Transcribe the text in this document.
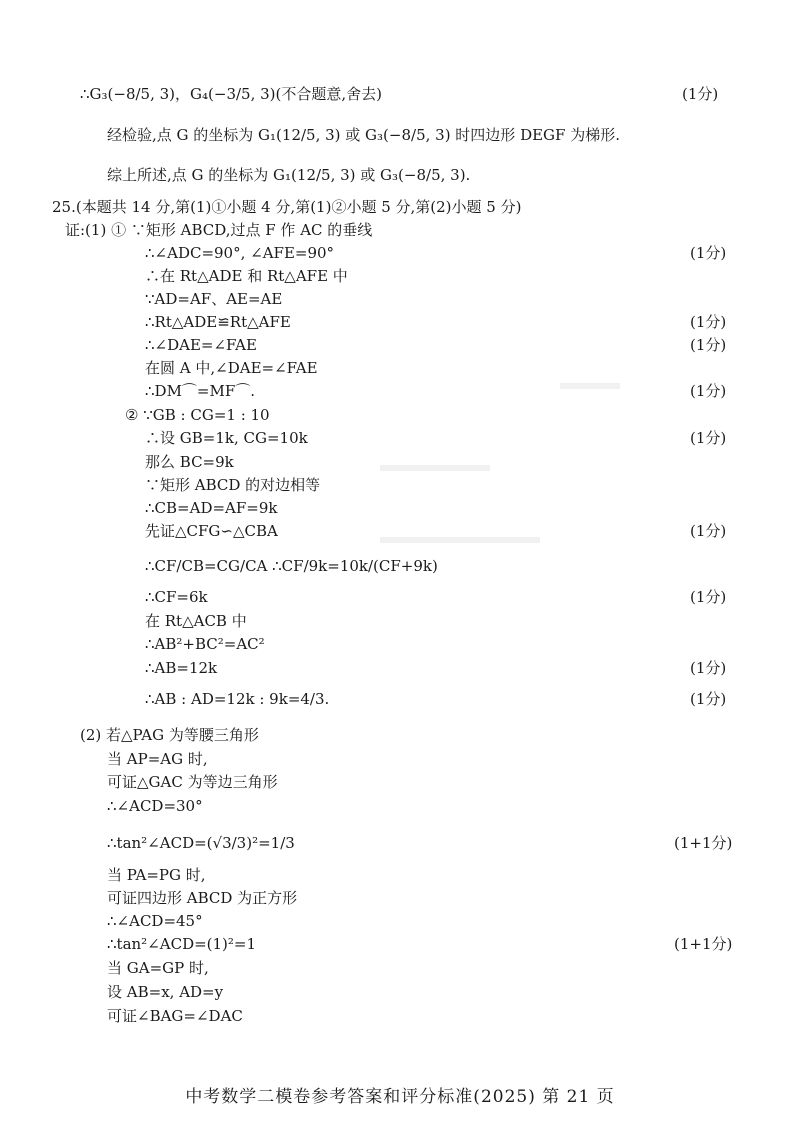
∴G₃(−8/5, 3)，G₄(−3/5, 3)(不合题意,舍去)
经检验,点 G 的坐标为 G₁(12/5, 3) 或 G₃(−8/5, 3) 时四边形 DEGF 为梯形.
综上所述,点 G 的坐标为 G₁(12/5, 3) 或 G₃(−8/5, 3).
25.(本题共 14 分,第(1)①小题 4 分,第(1)②小题 5 分,第(2)小题 5 分)
证:(1) ① ∵矩形 ABCD,过点 F 作 AC 的垂线
∴∠ADC=90°, ∠AFE=90°
∴在 Rt△ADE 和 Rt△AFE 中
∵AD=AF、AE=AE
∴Rt△ADE≌Rt△AFE
∴∠DAE=∠FAE
在圆 A 中,∠DAE=∠FAE
∴DM⌒=MF⌒.
② ∵GB : CG=1 : 10
∴设 GB=1k, CG=10k
那么 BC=9k
∵矩形 ABCD 的对边相等
∴CB=AD=AF=9k
先证△CFG∽△CBA
∴CF/CB=CG/CA ∴CF/9k=10k/(CF+9k)
∴CF=6k
在 Rt△ACB 中
∴AB²+BC²=AC²
∴AB=12k
∴AB : AD=12k : 9k=4/3.
(2) 若△PAG 为等腰三角形
当 AP=AG 时,
可证△GAC 为等边三角形
∴∠ACD=30°
∴tan²∠ACD=(√3/3)²=1/3
当 PA=PG 时,
可证四边形 ABCD 为正方形
∴∠ACD=45°
∴tan²∠ACD=(1)²=1
当 GA=GP 时,
设 AB=x, AD=y
可证∠BAG=∠DAC
(1分)
(1分)
(1分)
(1分)
(1分)
(1分)
(1分)
(1分)
(1分)
(1分)
(1+1分)
(1+1分)
中考数学二模卷参考答案和评分标准(2025) 第 21 页
